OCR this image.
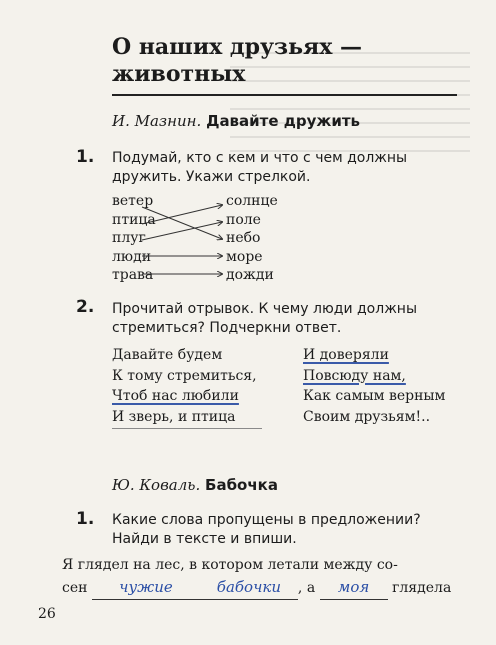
О наших друзьях —
животных
И. Мазнин. Давайте дружить
1. Подумай, кто с кем и что с чем должны
дружить. Укажи стрелкой.
ветер
птица
плуг
люди
трава
солнце
поле
небо
море
дожди
2. Прочитай отрывок. К чему люди должны
стремиться? Подчеркни ответ.
Давайте будем
К тому стремиться,
Чтоб нас любили
И зверь, и птица
И доверяли
Повсюду нам,
Как самым верным
Своим друзьям!..
Ю. Коваль. Бабочка
1. Какие слова пропущены в предложении?
Найди в тексте и впиши.
Я глядел на лес, в котором летали между со-
сен чужие	бабочки , а моя глядела
26
